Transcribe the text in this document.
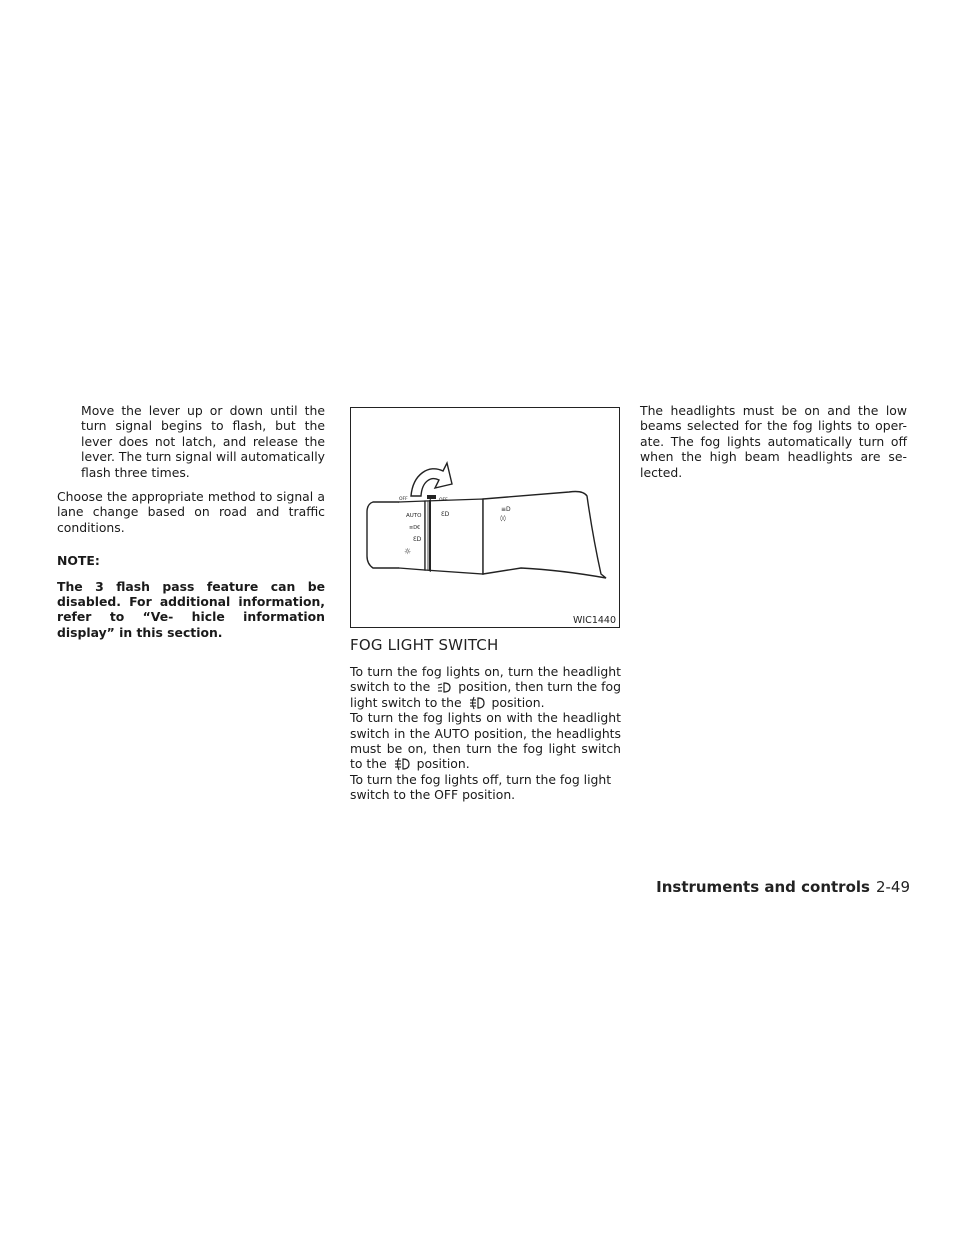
Move the lever up or down until the turn signal begins to flash, but the lever does not latch, and release the lever. The turn signal will automatically flash three times.

Choose the appropriate method to signal a lane change based on road and traffic conditions.

NOTE:

The 3 flash pass feature can be disabled. For additional information, refer to “Ve- hicle information display” in this section.

AUTO
≡D€
ƐD
☼
OFF	OFF
ƐD
≡D
◊◊
WIC1440
FOG LIGHT SWITCH

To turn the fog lights on, turn the headlight switch to the position, then turn the fog light switch to the position.

To turn the fog lights on with the headlight switch in the AUTO position, the headlights must be on, then turn the fog light switch to the position.

To turn the fog lights off, turn the fog light switch to the OFF position.

The headlights must be on and the low beams selected for the fog lights to oper- ate. The fog lights automatically turn off when the high beam headlights are se- lected.

Instruments and controls 2-49
